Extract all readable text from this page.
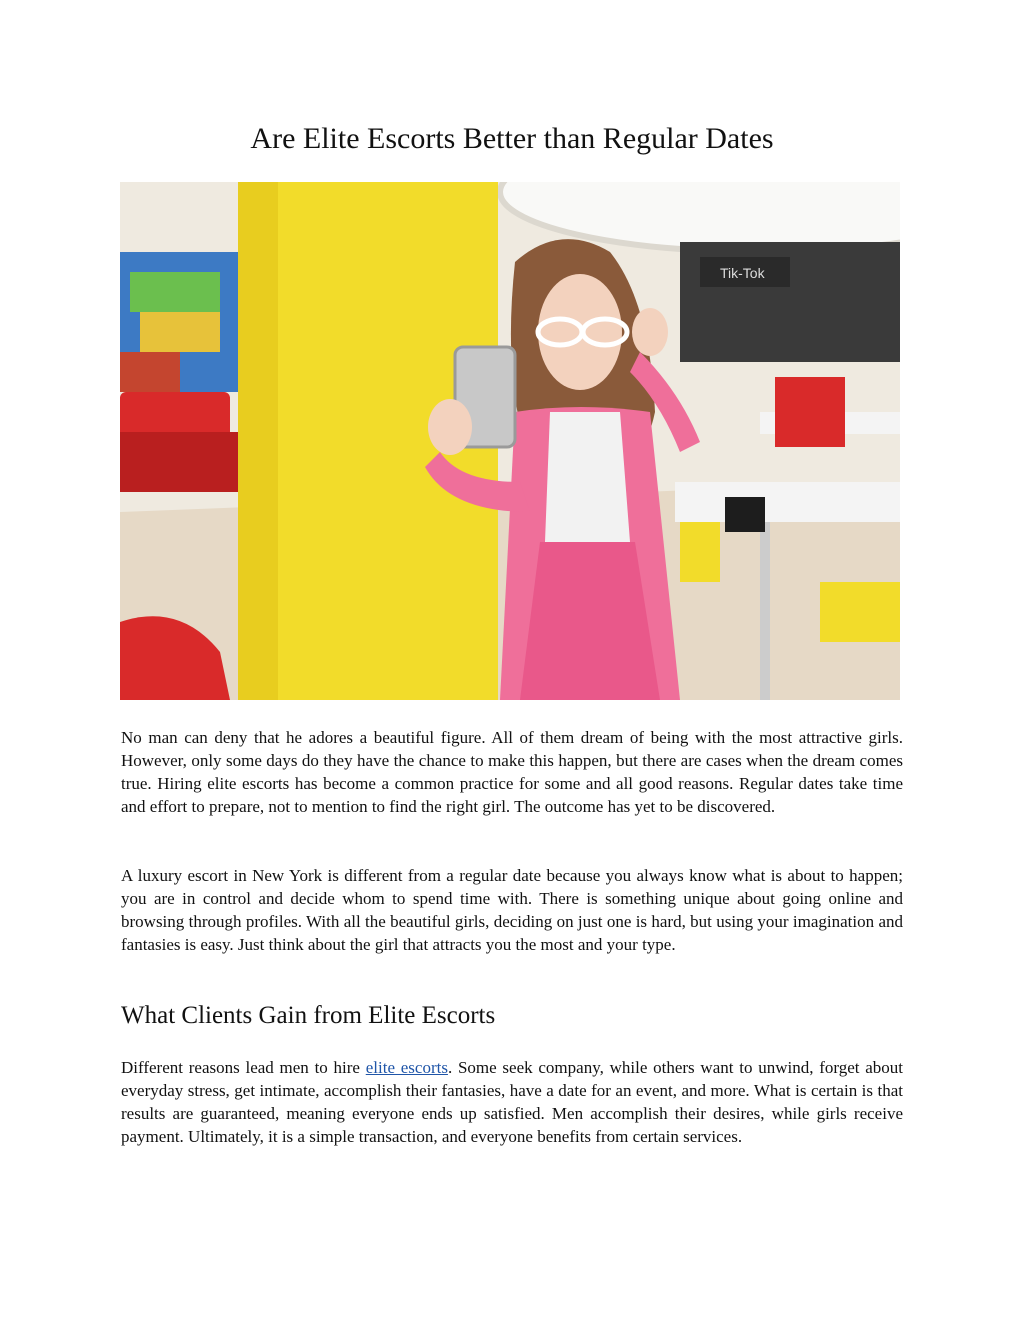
Are Elite Escorts Better than Regular Dates
Tik-Tok

No man can deny that he adores a beautiful figure. All of them dream of being with the most attractive girls. However, only some days do they have the chance to make this happen, but there are cases when the dream comes true. Hiring elite escorts has become a common practice for some and all good reasons. Regular dates take time and effort to prepare, not to mention to find the right girl. The outcome has yet to be discovered.

A luxury escort in New York is different from a regular date because you always know what is about to happen; you are in control and decide whom to spend time with. There is something unique about going online and browsing through profiles. With all the beautiful girls, deciding on just one is hard, but using your imagination and fantasies is easy. Just think about the girl that attracts you the most and your type.

What Clients Gain from Elite Escorts

Different reasons lead men to hire elite escorts. Some seek company, while others want to unwind, forget about everyday stress, get intimate, accomplish their fantasies, have a date for an event, and more. What is certain is that results are guaranteed, meaning everyone ends up satisfied. Men accomplish their desires, while girls receive payment. Ultimately, it is a simple transaction, and everyone benefits from certain services.
